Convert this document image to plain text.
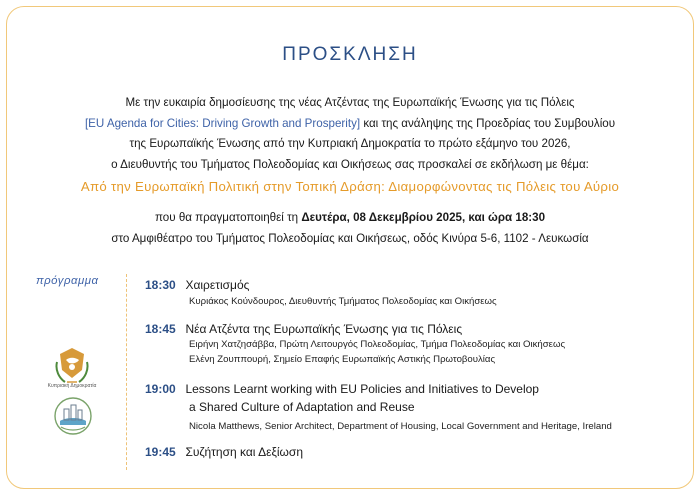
ΠΡΟΣΚΛΗΣΗ
Με την ευκαιρία δημοσίευσης της νέας Ατζέντας της Ευρωπαϊκής Ένωσης για τις Πόλεις
[EU Agenda for Cities: Driving Growth and Prosperity] και της ανάληψης της Προεδρίας του Συμβουλίου
της Ευρωπαϊκής Ένωσης από την Κυπριακή Δημοκρατία το πρώτο εξάμηνο του 2026,
ο Διευθυντής του Τμήματος Πολεοδομίας και Οικήσεως σας προσκαλεί σε εκδήλωση με θέμα:
Από την Ευρωπαϊκή Πολιτική στην Τοπική Δράση: Διαμορφώνοντας τις Πόλεις του Αύριο
που θα πραγματοποιηθεί τη Δευτέρα, 08 Δεκεμβρίου 2025, και ώρα 18:30
στο Αμφιθέατρο του Τμήματος Πολεοδομίας και Οικήσεως, οδός Κινύρα 5-6, 1102 - Λευκωσία
πρόγραμμα
Κυπριακή Δημοκρατία
18:30 Χαιρετισμός
Κυριάκος Κούνδουρος, Διευθυντής Τμήματος Πολεοδομίας και Οικήσεως
18:45 Νέα Ατζέντα της Ευρωπαϊκής Ένωσης για τις Πόλεις
Ειρήνη Χατζησάββα, Πρώτη Λειτουργός Πολεοδομίας, Τμήμα Πολεοδομίας και Οικήσεως
Ελένη Ζουππουρή, Σημείο Επαφής Ευρωπαϊκής Αστικής Πρωτοβουλίας
19:00 Lessons Learnt working with EU Policies and Initiatives to Develop
a Shared Culture of Adaptation and Reuse
Nicola Matthews, Senior Architect, Department of Housing, Local Government and Heritage, Ireland
19:45 Συζήτηση και Δεξίωση
